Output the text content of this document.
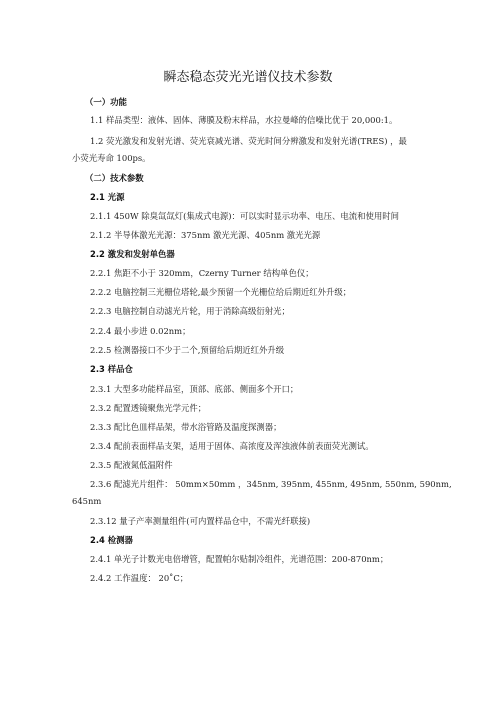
瞬态稳态荧光光谱仪技术参数
（一）功能
1.1 样品类型：液体、固体、薄膜及粉末样品，水拉曼峰的信噪比优于 20,000:1。
1.2 荧光激发和发射光谱、荧光衰减光谱、荧光时间分辨激发和发射光谱(TRES) ，最
小荧光寿命 100ps。
（二）技术参数
2.1 光源
2.1.1 450W 除臭氙氙灯(集成式电源)：可以实时显示功率、电压、电流和使用时间
2.1.2 半导体激光光源：375nm 激光光源、405nm 激光光源
2.2 激发和发射单色器
2.2.1 焦距不小于 320mm，Czerny Turner 结构单色仪；
2.2.2 电脑控制三光栅位塔轮,最少预留一个光栅位给后期近红外升级；
2.2.3 电脑控制自动滤光片轮，用于消除高级衍射光；
2.2.4 最小步进 0.02nm；
2.2.5 检测器接口不少于二个,预留给后期近红外升级
2.3 样品仓
2.3.1 大型多功能样品室，顶部、底部、侧面多个开口；
2.3.2 配置透镜聚焦光学元件；
2.3.3 配比色皿样品架，带水浴管路及温度探测器；
2.3.4 配前表面样品支架，适用于固体、高浓度及浑浊液体前表面荧光测试。
2.3.5 配液氮低温附件
2.3.6 配滤光片组件： 50mm×50mm ，345nm, 395nm, 455nm, 495nm, 550nm, 590nm,
645nm
2.3.12 量子产率测量组件(可内置样品仓中，不需光纤联接)
2.4 检测器
2.4.1 单光子计数光电倍增管，配置帕尔贴制冷组件，光谱范围：200-870nm；
2.4.2 工作温度： 20˚C；
